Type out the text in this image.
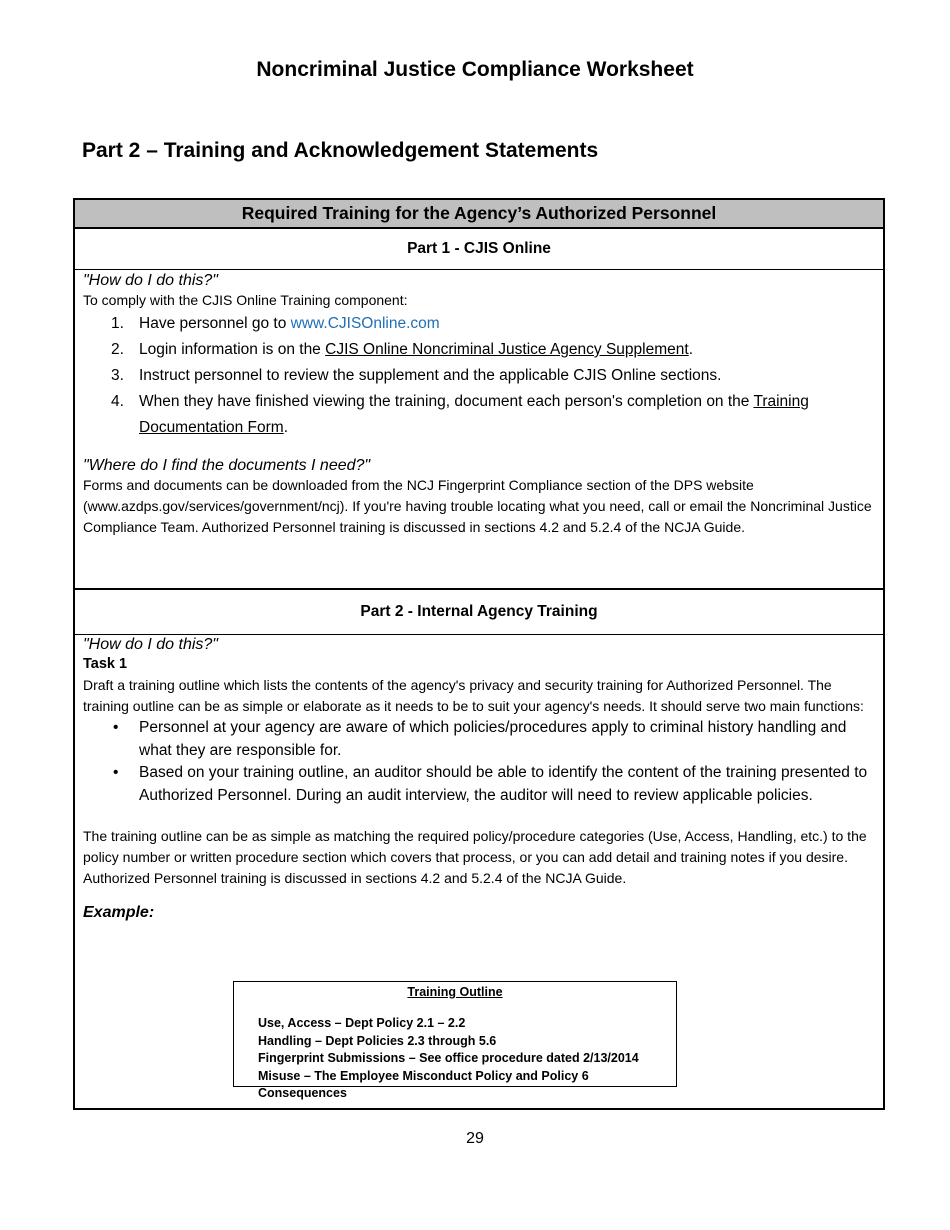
Noncriminal Justice Compliance Worksheet
Part 2 – Training and Acknowledgement Statements
Required Training for the Agency’s Authorized Personnel
Part 1 - CJIS Online

"How do I do this?"

To comply with the CJIS Online Training component:

1. Have personnel go to www.CJISOnline.com
2. Login information is on the CJIS Online Noncriminal Justice Agency Supplement.
3. Instruct personnel to review the supplement and the applicable CJIS Online sections.
4. When they have finished viewing the training, document each person's completion on the Training Documentation Form.

"Where do I find the documents I need?"

Forms and documents can be downloaded from the NCJ Fingerprint Compliance section of the DPS website (www.azdps.gov/services/government/ncj). If you're having trouble locating what you need, call or email the Noncriminal Justice Compliance Team. Authorized Personnel training is discussed in sections 4.2 and 5.2.4 of the NCJA Guide.

Part 2 - Internal Agency Training

"How do I do this?"

Task 1

Draft a training outline which lists the contents of the agency's privacy and security training for Authorized Personnel. The training outline can be as simple or elaborate as it needs to be to suit your agency's needs. It should serve two main functions:

• Personnel at your agency are aware of which policies/procedures apply to criminal history handling and what they are responsible for.
• Based on your training outline, an auditor should be able to identify the content of the training presented to Authorized Personnel. During an audit interview, the auditor will need to review applicable policies.

The training outline can be as simple as matching the required policy/procedure categories (Use, Access, Handling, etc.) to the policy number or written procedure section which covers that process, or you can add detail and training notes if you desire. Authorized Personnel training is discussed in sections 4.2 and 5.2.4 of the NCJA Guide.

Example:

Training Outline
Use, Access – Dept Policy 2.1 – 2.2
Handling – Dept Policies 2.3 through 5.6
Fingerprint Submissions – See office procedure dated 2/13/2014
Misuse – The Employee Misconduct Policy and Policy 6 Consequences
29
